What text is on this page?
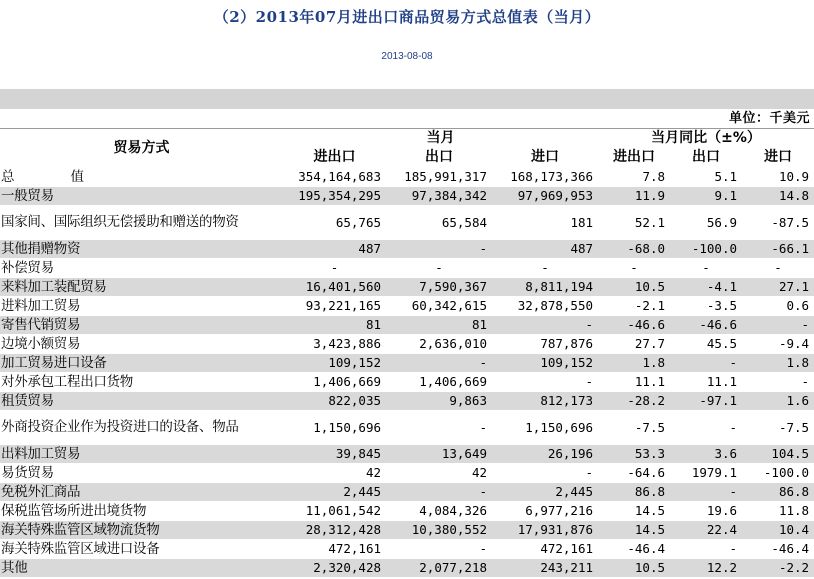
（2）2013年07月进出口商品贸易方式总值表（当月）
2013-08-08
单位：千美元
贸易方式	当月			当月同比（±%）		
	进出口	出口	进口	进出口	出口	进口
总值	354,164,683	185,991,317	168,173,366	7.8	5.1	10.9
一般贸易	195,354,295	97,384,342	97,969,953	11.9	9.1	14.8
国家间、国际组织无偿援助和赠送的物资	65,765	65,584	181	52.1	56.9	-87.5
其他捐赠物资	487	-	487	-68.0	-100.0	-66.1
补偿贸易	-	-	-	-	-	-
来料加工装配贸易	16,401,560	7,590,367	8,811,194	10.5	-4.1	27.1
进料加工贸易	93,221,165	60,342,615	32,878,550	-2.1	-3.5	0.6
寄售代销贸易	81	81	-	-46.6	-46.6	-
边境小额贸易	3,423,886	2,636,010	787,876	27.7	45.5	-9.4
加工贸易进口设备	109,152	-	109,152	1.8	-	1.8
对外承包工程出口货物	1,406,669	1,406,669	-	11.1	11.1	-
租赁贸易	822,035	9,863	812,173	-28.2	-97.1	1.6
外商投资企业作为投资进口的设备、物品	1,150,696	-	1,150,696	-7.5	-	-7.5
出料加工贸易	39,845	13,649	26,196	53.3	3.6	104.5
易货贸易	42	42	-	-64.6	1979.1	-100.0
免税外汇商品	2,445	-	2,445	86.8	-	86.8
保税监管场所进出境货物	11,061,542	4,084,326	6,977,216	14.5	19.6	11.8
海关特殊监管区域物流货物	28,312,428	10,380,552	17,931,876	14.5	22.4	10.4
海关特殊监管区域进口设备	472,161	-	472,161	-46.4	-	-46.4
其他	2,320,428	2,077,218	243,211	10.5	12.2	-2.2
